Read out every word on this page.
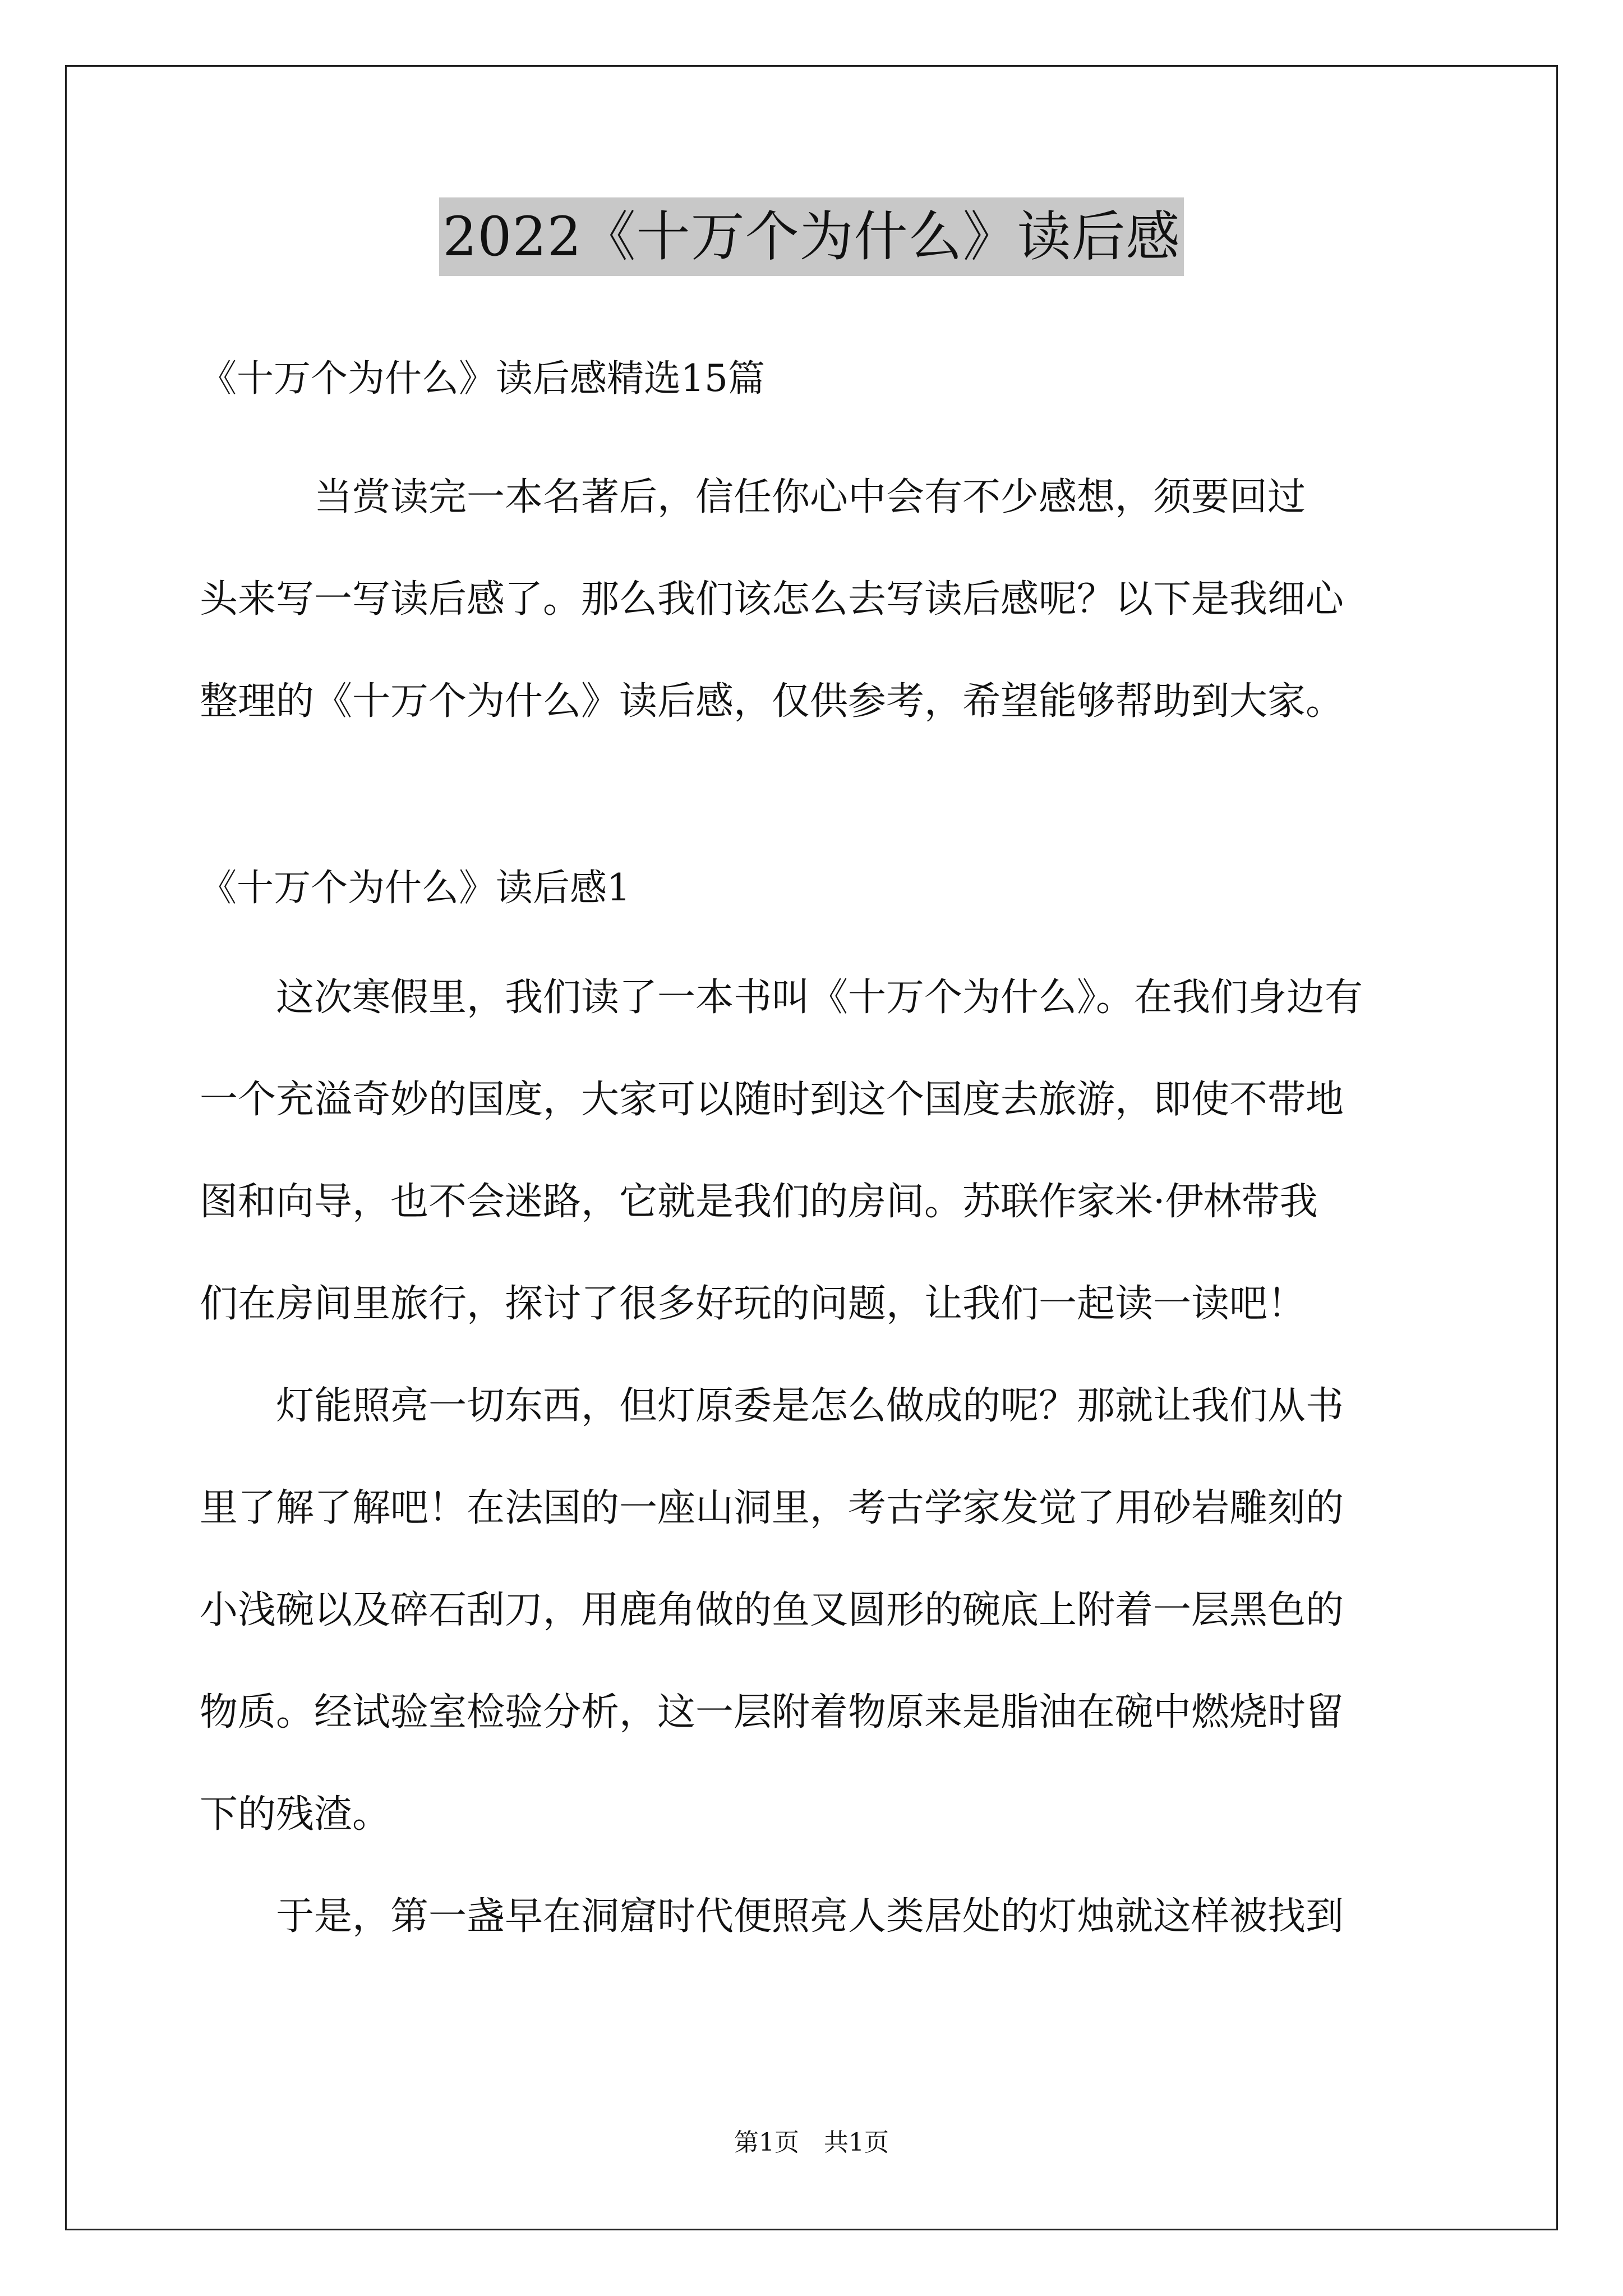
2022《十万个为什么》读后感

《十万个为什么》读后感精选15篇

　　　当赏读完一本名著后，信任你心中会有不少感想，须要回过

头来写一写读后感了。那么我们该怎么去写读后感呢？以下是我细心

整理的《十万个为什么》读后感，仅供参考，希望能够帮助到大家。

《十万个为什么》读后感1

　　这次寒假里，我们读了一本书叫《十万个为什么》。在我们身边有

一个充溢奇妙的国度，大家可以随时到这个国度去旅游，即使不带地

图和向导，也不会迷路，它就是我们的房间。苏联作家米·伊林带我

们在房间里旅行，探讨了很多好玩的问题，让我们一起读一读吧！

　　灯能照亮一切东西，但灯原委是怎么做成的呢？那就让我们从书

里了解了解吧！在法国的一座山洞里，考古学家发觉了用砂岩雕刻的

小浅碗以及碎石刮刀，用鹿角做的鱼叉圆形的碗底上附着一层黑色的

物质。经试验室检验分析，这一层附着物原来是脂油在碗中燃烧时留

下的残渣。

　　于是，第一盏早在洞窟时代便照亮人类居处的灯烛就这样被找到

第1页　共1页
